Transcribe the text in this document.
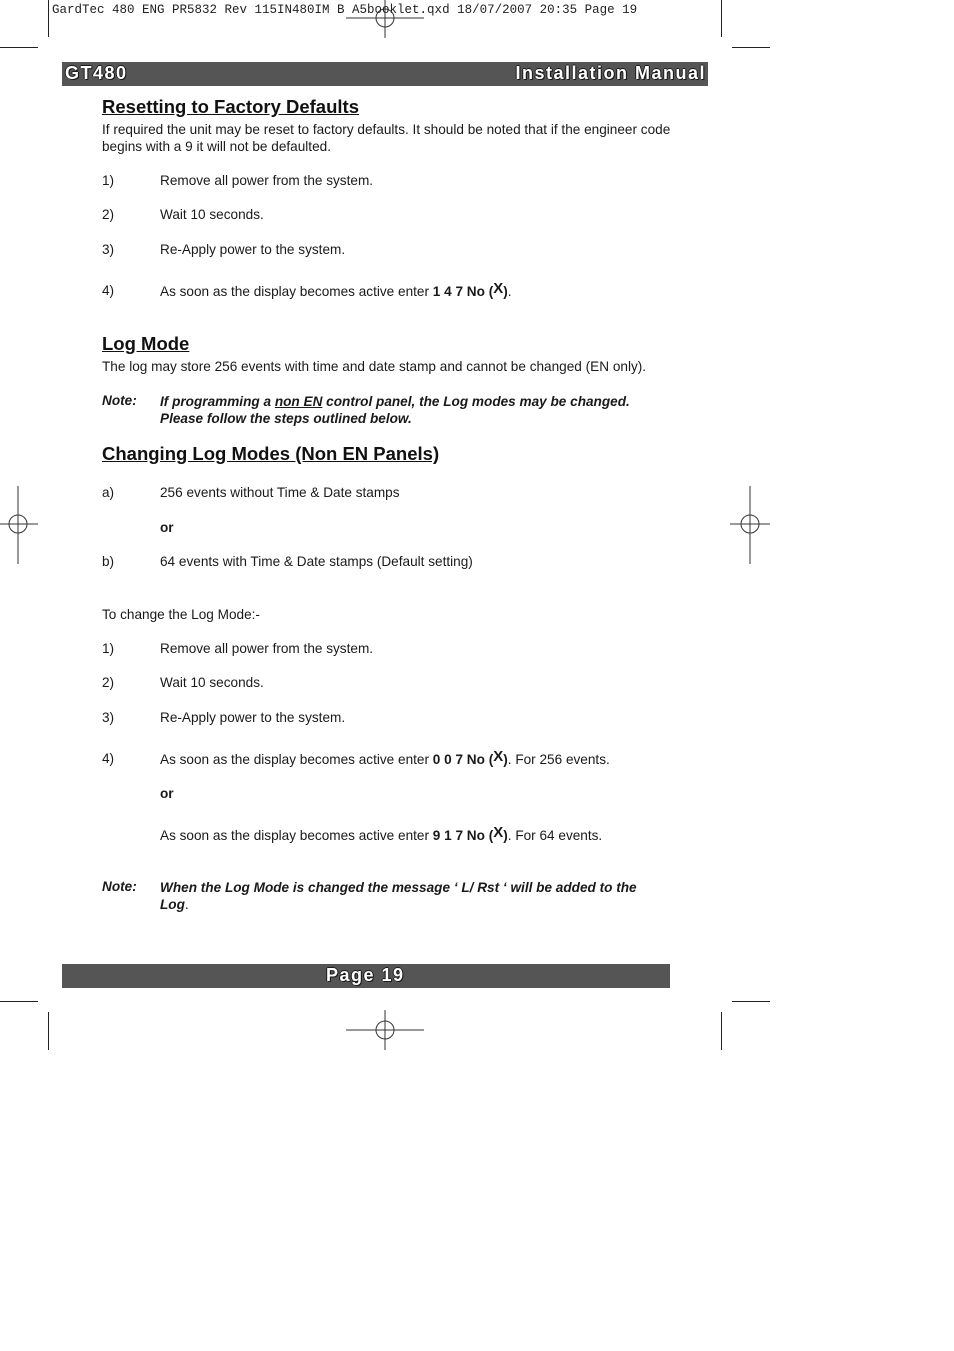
GardTec 480 ENG PR5832 Rev 115IN480IM B A5booklet.qxd 18/07/2007 20:35 Page 19
GT480	Installation Manual
Resetting to Factory Defaults
If required the unit may be reset to factory defaults. It should be noted that if the engineer code begins with a 9 it will not be defaulted.
1)	Remove all power from the system.
2)	Wait 10 seconds.
3)	Re-Apply power to the system.
4)	As soon as the display becomes active enter 1 4 7 No (X).
Log Mode
The log may store 256 events with time and date stamp and cannot be changed (EN only).
Note: If programming a non EN control panel, the Log modes may be changed.
Please follow the steps outlined below.
Changing Log Modes (Non EN Panels)
a)	256 events without Time & Date stamps
or
b)	64 events with Time & Date stamps (Default setting)
To change the Log Mode:-
1)	Remove all power from the system.
2)	Wait 10 seconds.
3)	Re-Apply power to the system.
4)	As soon as the display becomes active enter 0 0 7 No (X). For 256 events.
or
As soon as the display becomes active enter 9 1 7 No (X). For 64 events.
Note: When the Log Mode is changed the message ‘ L/ Rst ‘ will be added to the
Log.
Page 19
